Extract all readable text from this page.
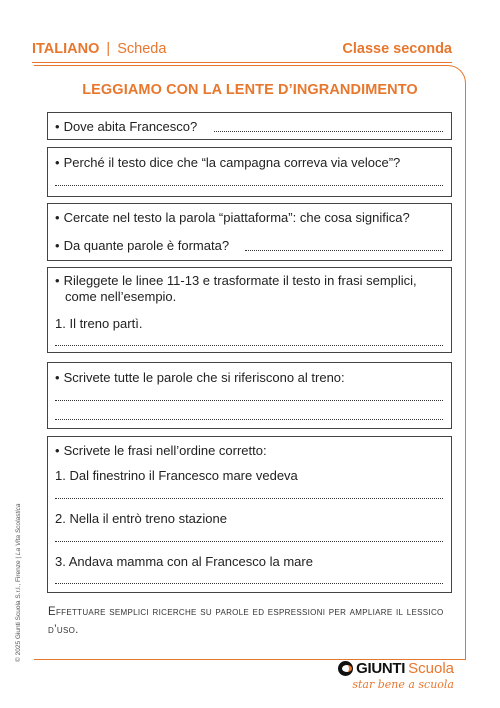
ITALIANO | Scheda	Classe seconda
LEGGIAMO CON LA LENTE D’INGRANDIMENTO
• Dove abita Francesco?
• Perché il testo dice che “la campagna correva via veloce”?
• Cercate nel testo la parola “piattaforma”: che cosa significa?
• Da quante parole è formata?
• Rileggete le linee 11-13 e trasformate il testo in frasi semplici, come nell’esempio.
1. Il treno partì.
• Scrivete tutte le parole che si riferiscono al treno:
• Scrivete le frasi nell’ordine corretto:
1. Dal finestrino il Francesco mare vedeva
2. Nella il entrò treno stazione
3. Andava mamma con al Francesco la mare
Effettuare semplici ricerche su parole ed espressioni per ampliare il lessico d’uso.
© 2025 Giunti Scuola S.r.l., Firenze | La Vita Scolastica
GIUNTI Scuola
star bene a scuola
